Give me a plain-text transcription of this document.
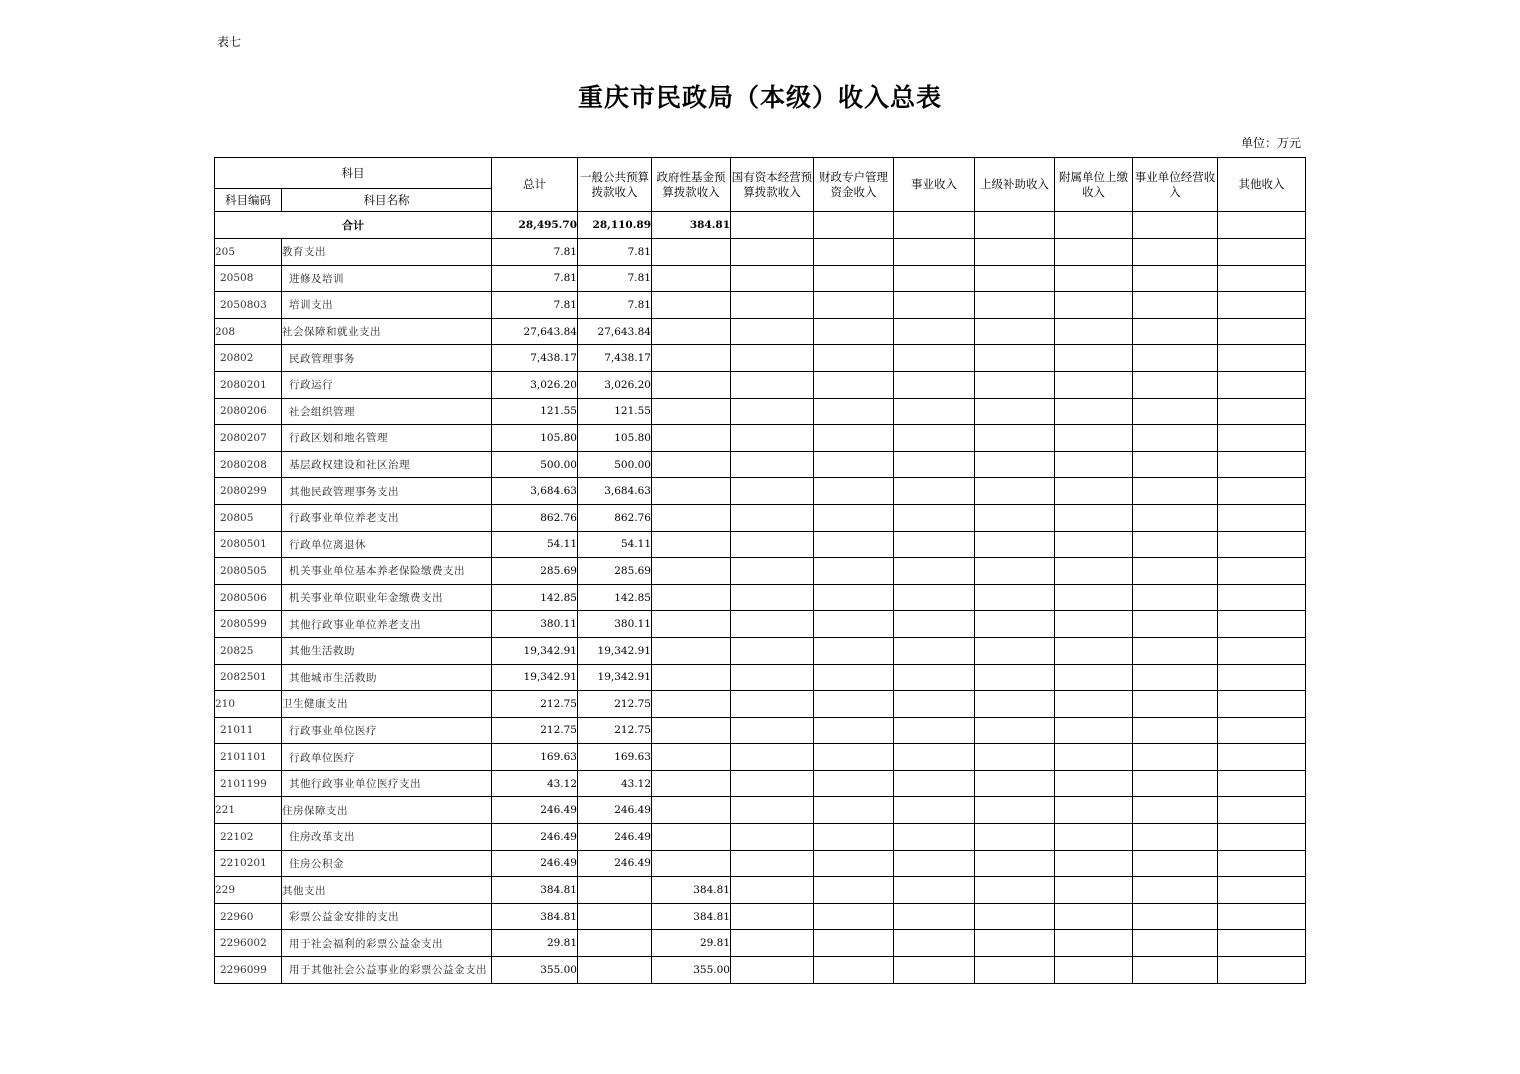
表七
重庆市民政局（本级）收入总表
单位：万元
科目		总计	一般公共预算拨款收入	政府性基金预算拨款收入	国有资本经营预算拨款收入	财政专户管理资金收入	事业收入	上级补助收入	附属单位上缴收入	事业单位经营收入	其他收入
科目编码	科目名称										
合计		28,495.70	28,110.89	384.81							
205	教育支出	7.81	7.81								
20508	进修及培训	7.81	7.81								
2050803	培训支出	7.81	7.81								
208	社会保障和就业支出	27,643.84	27,643.84								
20802	民政管理事务	7,438.17	7,438.17								
2080201	行政运行	3,026.20	3,026.20								
2080206	社会组织管理	121.55	121.55								
2080207	行政区划和地名管理	105.80	105.80								
2080208	基层政权建设和社区治理	500.00	500.00								
2080299	其他民政管理事务支出	3,684.63	3,684.63								
20805	行政事业单位养老支出	862.76	862.76								
2080501	行政单位离退休	54.11	54.11								
2080505	机关事业单位基本养老保险缴费支出	285.69	285.69								
2080506	机关事业单位职业年金缴费支出	142.85	142.85								
2080599	其他行政事业单位养老支出	380.11	380.11								
20825	其他生活救助	19,342.91	19,342.91								
2082501	其他城市生活救助	19,342.91	19,342.91								
210	卫生健康支出	212.75	212.75								
21011	行政事业单位医疗	212.75	212.75								
2101101	行政单位医疗	169.63	169.63								
2101199	其他行政事业单位医疗支出	43.12	43.12								
221	住房保障支出	246.49	246.49								
22102	住房改革支出	246.49	246.49								
2210201	住房公积金	246.49	246.49								
229	其他支出	384.81		384.81							
22960	彩票公益金安排的支出	384.81		384.81							
2296002	用于社会福利的彩票公益金支出	29.81		29.81							
2296099	用于其他社会公益事业的彩票公益金支出	355.00		355.00							
